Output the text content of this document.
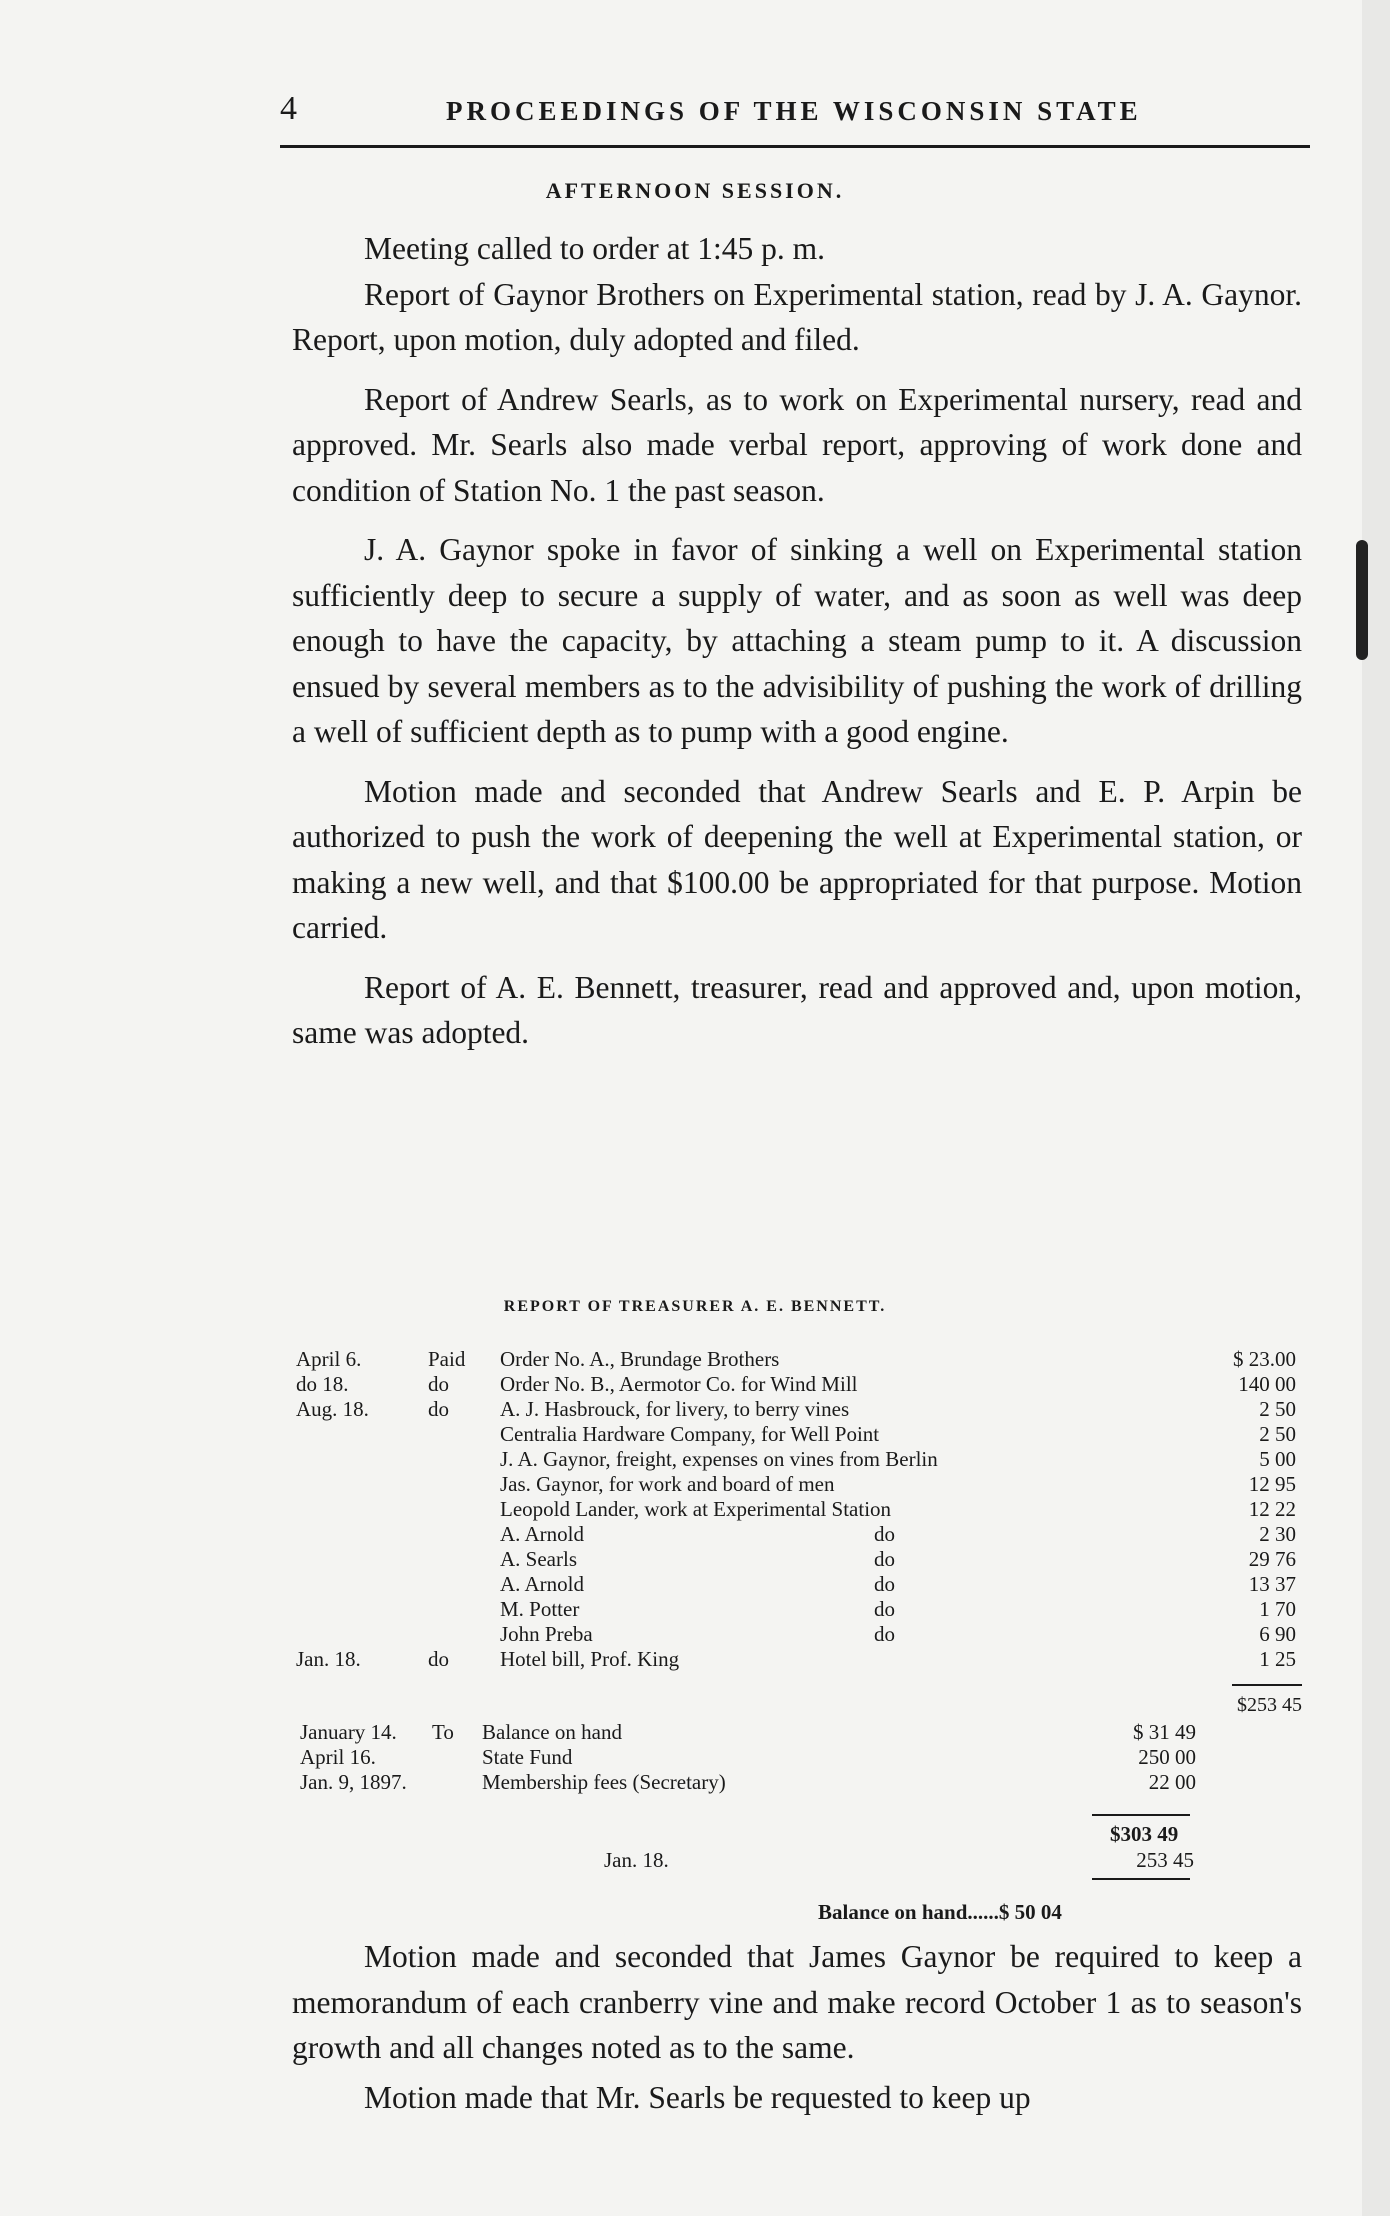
4	PROCEEDINGS OF THE WISCONSIN STATE
AFTERNOON SESSION.

Meeting called to order at 1:45 p. m.

Report of Gaynor Brothers on Experimental station, read by J. A. Gaynor. Report, upon motion, duly adopted and filed.

Report of Andrew Searls, as to work on Experimental nursery, read and approved. Mr. Searls also made verbal report, approving of work done and condition of Station No. 1 the past season.

J. A. Gaynor spoke in favor of sinking a well on Experimental station sufficiently deep to secure a supply of water, and as soon as well was deep enough to have the capacity, by attaching a steam pump to it. A discussion ensued by several members as to the advisibility of pushing the work of drilling a well of sufficient depth as to pump with a good engine.

Motion made and seconded that Andrew Searls and E. P. Arpin be authorized to push the work of deepening the well at Experimental station, or making a new well, and that $100.00 be appropriated for that purpose. Motion carried.

Report of A. E. Bennett, treasurer, read and approved and, upon motion, same was adopted.

REPORT OF TREASURER A. E. BENNETT.
April 6.	Paid Order No. A., Brundage Brothers	$ 23.00
do 18.	do Order No. B., Aermotor Co. for Wind Mill	140 00
Aug. 18.	do A. J. Hasbrouck, for livery, to berry vines	2 50
Centralia Hardware Company, for Well Point	2 50
J. A. Gaynor, freight, expenses on vines from Berlin	5 00
Jas. Gaynor, for work and board of men	12 95
Leopold Lander, work at Experimental Station	12 22
A. Arnold	do	2 30
A. Searls	do	29 76
A. Arnold	do	13 37
M. Potter	do	1 70
John Preba	do	6 90
Jan. 18.	do Hotel bill, Prof. King	1 25
$253 45
January 14. To Balance on hand	$ 31 49
April 16.	State Fund	250 00
Jan. 9, 1897.	Membership fees (Secretary)	22 00
$303 49
Jan. 18.	253 45
Balance on hand......$ 50 04

Motion made and seconded that James Gaynor be required to keep a memorandum of each cranberry vine and make record October 1 as to season's growth and all changes noted as to the same.

Motion made that Mr. Searls be requested to keep up
